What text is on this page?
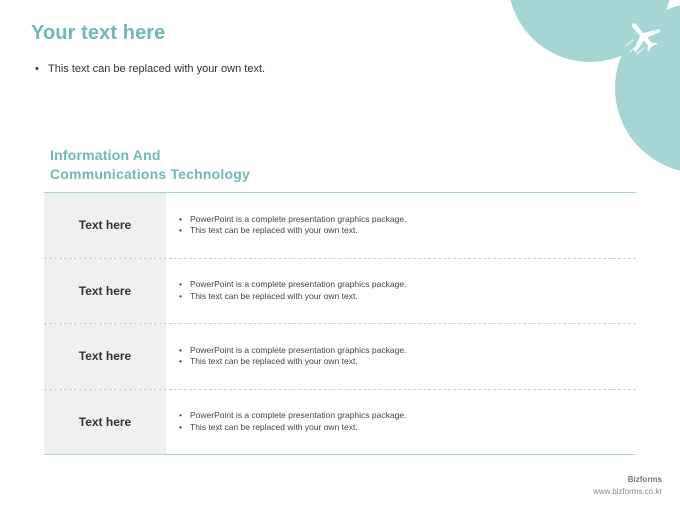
Your text here
• This text can be replaced with your own text.
Information And
Communications Technology
Text here	• PowerPoint is a complete presentation graphics package.
• This text can be replaced with your own text.
Text here	• PowerPoint is a complete presentation graphics package.
• This text can be replaced with your own text.
Text here	• PowerPoint is a complete presentation graphics package.
• This text can be replaced with your own text.
Text here	• PowerPoint is a complete presentation graphics package.
• This text can be replaced with your own text.
Bizforms
www.bizforms.co.kr
